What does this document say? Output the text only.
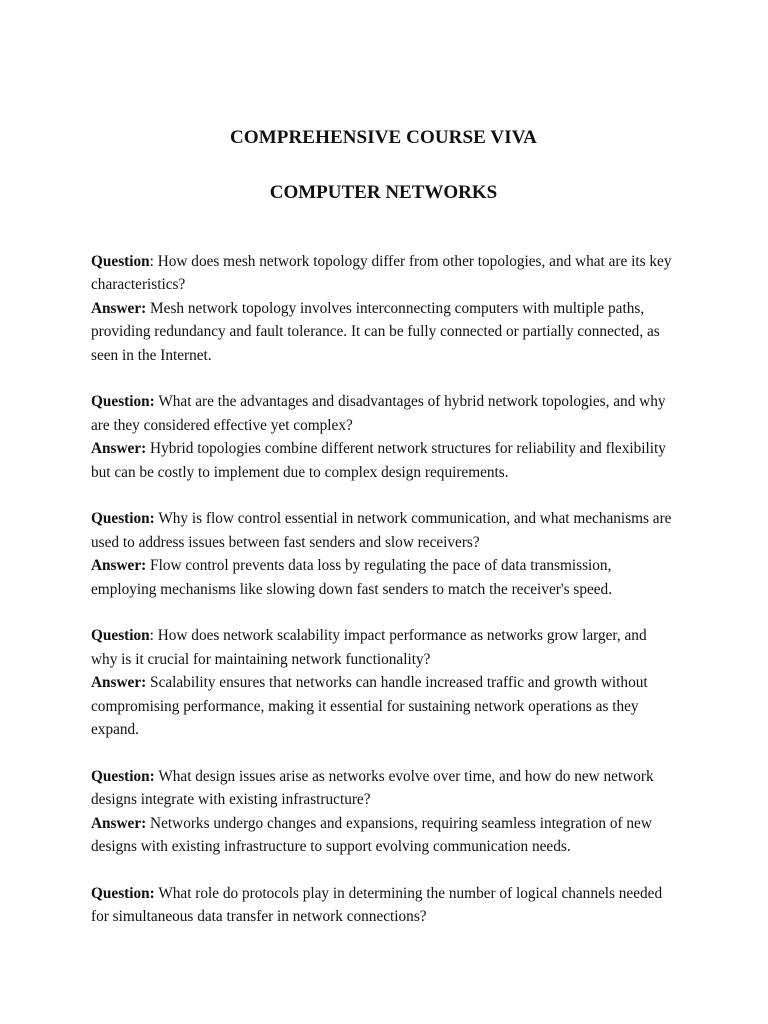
COMPREHENSIVE COURSE VIVA
COMPUTER NETWORKS

Question: How does mesh network topology differ from other topologies, and what are its key characteristics?

Answer: Mesh network topology involves interconnecting computers with multiple paths, providing redundancy and fault tolerance. It can be fully connected or partially connected, as seen in the Internet.

Question: What are the advantages and disadvantages of hybrid network topologies, and why are they considered effective yet complex?

Answer: Hybrid topologies combine different network structures for reliability and flexibility but can be costly to implement due to complex design requirements.

Question: Why is flow control essential in network communication, and what mechanisms are used to address issues between fast senders and slow receivers?

Answer: Flow control prevents data loss by regulating the pace of data transmission, employing mechanisms like slowing down fast senders to match the receiver's speed.

Question: How does network scalability impact performance as networks grow larger, and why is it crucial for maintaining network functionality?

Answer: Scalability ensures that networks can handle increased traffic and growth without compromising performance, making it essential for sustaining network operations as they expand.

Question: What design issues arise as networks evolve over time, and how do new network designs integrate with existing infrastructure?

Answer: Networks undergo changes and expansions, requiring seamless integration of new designs with existing infrastructure to support evolving communication needs.

Question: What role do protocols play in determining the number of logical channels needed for simultaneous data transfer in network connections?
